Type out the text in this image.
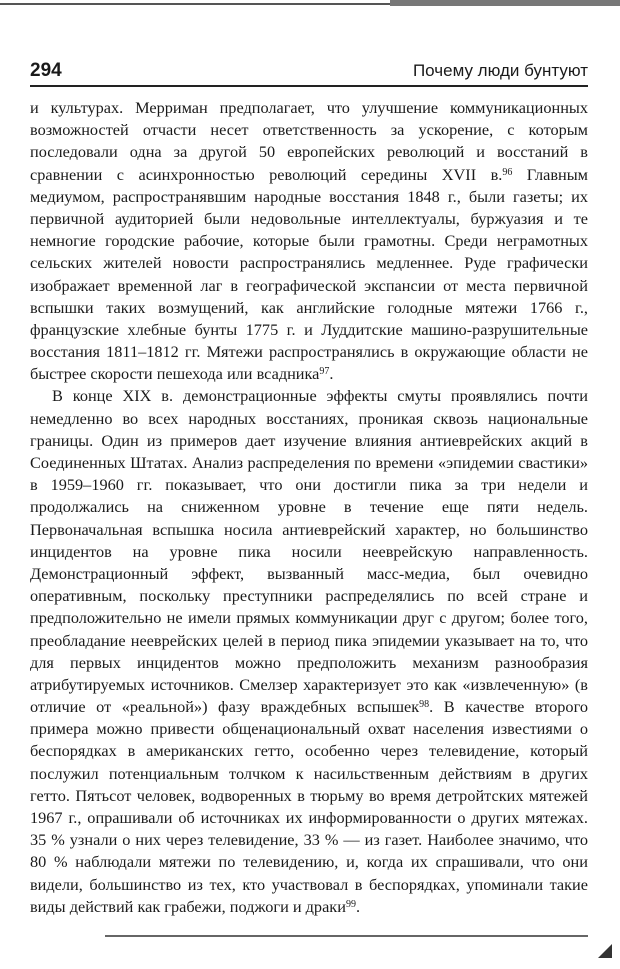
294	Почему люди бунтуют

и культурах. Мерриман предполагает, что улучшение коммуникационных возможностей отчасти несет ответственность за ускорение, с которым последовали одна за другой 50 европейских революций и восстаний в сравнении с асинхронностью революций середины XVII в.$^{96}$ Главным медиумом, распространявшим народные восстания 1848 г., были газеты; их первичной аудиторией были недовольные интеллектуалы, буржуазия и те немногие городские рабочие, которые были грамотны. Среди неграмотных сельских жителей новости распространялись медленнее. Руде графически изображает временной лаг в географической экспансии от места первичной вспышки таких возмущений, как английские голодные мятежи 1766 г., французские хлебные бунты 1775 г. и Луддитские машино-разрушительные восстания 1811–1812 гг. Мятежи распространялись в окружающие области не быстрее скорости пешехода или всадника$^{97}$.

В конце XIX в. демонстрационные эффекты смуты проявлялись почти немедленно во всех народных восстаниях, проникая сквозь национальные границы. Один из примеров дает изучение влияния антиеврейских акций в Соединенных Штатах. Анализ распределения по времени «эпидемии свастики» в 1959–1960 гг. показывает, что они достигли пика за три недели и продолжались на сниженном уровне в течение еще пяти недель. Первоначальная вспышка носила антиеврейский характер, но большинство инцидентов на уровне пика носили нееврейскую направленность. Демонстрационный эффект, вызванный масс-медиа, был очевидно оперативным, поскольку преступники распределялись по всей стране и предположительно не имели прямых коммуникации друг с другом; более того, преобладание нееврейских целей в период пика эпидемии указывает на то, что для первых инцидентов можно предположить механизм разнообразия атрибутируемых источников. Смелзер характеризует это как «извлеченную» (в отличие от «реальной») фазу враждебных вспышек$^{98}$. В качестве второго примера можно привести общенациональный охват населения известиями о беспорядках в американских гетто, особенно через телевидение, который послужил потенциальным толчком к насильственным действиям в других гетто. Пятьсот человек, водворенных в тюрьму во время детройтских мятежей 1967 г., опрашивали об источниках их информированности о других мятежах. 35 % узнали о них через телевидение, 33 % — из газет. Наиболее значимо, что 80 % наблюдали мятежи по телевидению, и, когда их спрашивали, что они видели, большинство из тех, кто участвовал в беспорядках, упоминали такие виды действий как грабежи, поджоги и драки$^{99}$.
